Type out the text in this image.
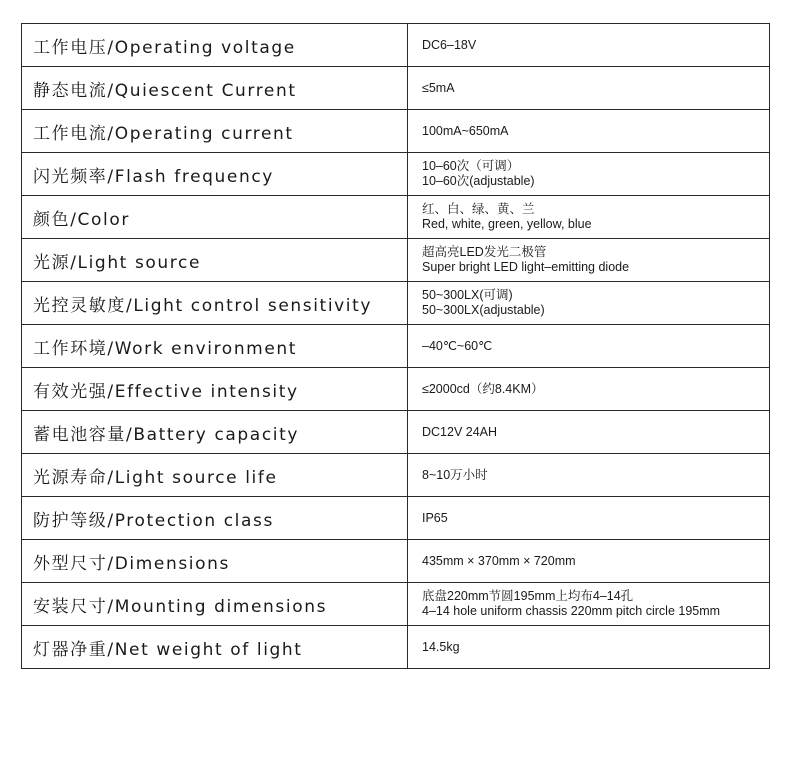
工作电压/Operating voltage	DC6–18V

静态电流/Quiescent Current	≤5mA

工作电流/Operating current	100mA~650mA

闪光频率/Flash frequency	10–60次（可调）
10–60次(adjustable)

颜色/Color	红、白、绿、黄、兰
Red, white, green, yellow, blue

光源/Light source	超高亮LED发光二极管
Super bright LED light–emitting diode

光控灵敏度/Light control sensitivity	50~300LX(可调)
50~300LX(adjustable)

工作环境/Work environment	–40℃~60℃

有效光强/Effective intensity	≤2000cd（约8.4KM）

蓄电池容量/Battery capacity	DC12V 24AH

光源寿命/Light source life	8~10万小时

防护等级/Protection class	IP65

外型尺寸/Dimensions	435mm × 370mm × 720mm

安装尺寸/Mounting dimensions	底盘220mm节圆195mm上均布4–14孔
4–14 hole uniform chassis 220mm pitch circle 195mm

灯器净重/Net weight of light	14.5kg
